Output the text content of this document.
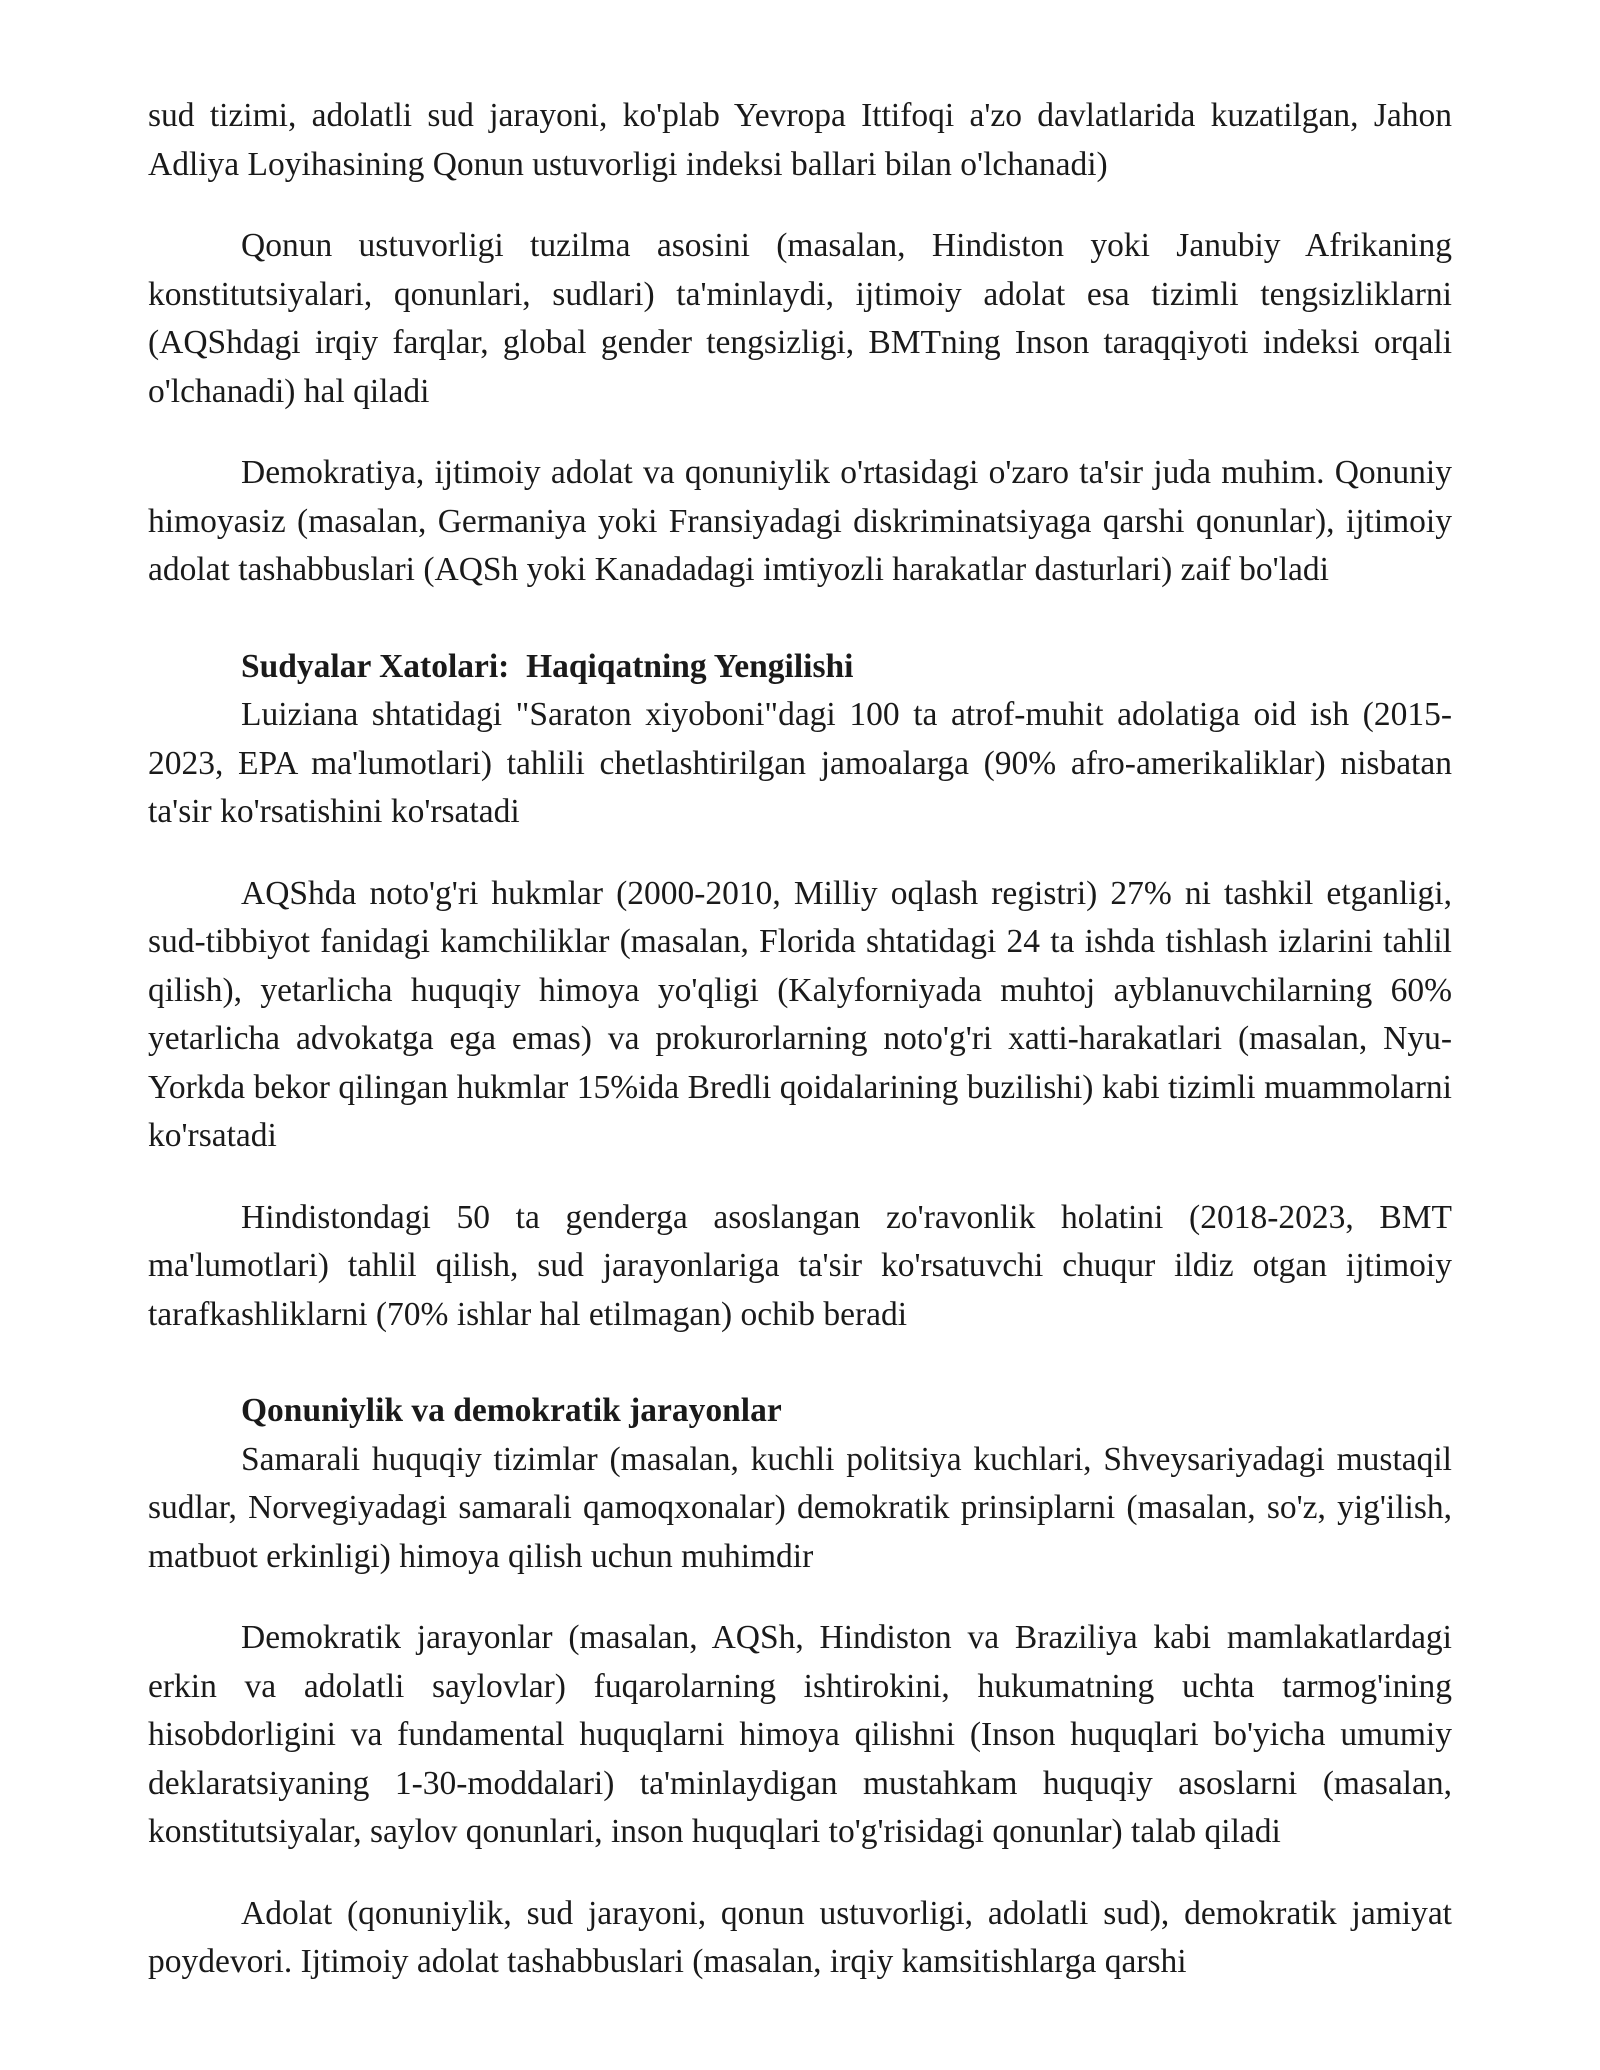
sud tizimi, adolatli sud jarayoni, ko'plab Yevropa Ittifoqi a'zo davlatlarida kuzatilgan, Jahon Adliya Loyihasining Qonun ustuvorligi indeksi ballari bilan o'lchanadi)

Qonun ustuvorligi tuzilma asosini (masalan, Hindiston yoki Janubiy Afrikaning konstitutsiyalari, qonunlari, sudlari) ta'minlaydi, ijtimoiy adolat esa tizimli tengsizliklarni (AQShdagi irqiy farqlar, global gender tengsizligi, BMTning Inson taraqqiyoti indeksi orqali o'lchanadi) hal qiladi

Demokratiya, ijtimoiy adolat va qonuniylik o'rtasidagi o'zaro ta'sir juda muhim. Qonuniy himoyasiz (masalan, Germaniya yoki Fransiyadagi diskriminatsiyaga qarshi qonunlar), ijtimoiy adolat tashabbuslari (AQSh yoki Kanadadagi imtiyozli harakatlar dasturlari) zaif bo'ladi

Sudyalar Xatolari:  Haqiqatning Yengilishi

Luiziana shtatidagi "Saraton xiyoboni"dagi 100 ta atrof-muhit adolatiga oid ish (2015-2023, EPA ma'lumotlari) tahlili chetlashtirilgan jamoalarga (90% afro-amerikaliklar) nisbatan ta'sir ko'rsatishini ko'rsatadi

AQShda noto'g'ri hukmlar (2000-2010, Milliy oqlash registri) 27% ni tashkil etganligi, sud-tibbiyot fanidagi kamchiliklar (masalan, Florida shtatidagi 24 ta ishda tishlash izlarini tahlil qilish), yetarlicha huquqiy himoya yo'qligi (Kalyforniyada muhtoj ayblanuvchilarning 60% yetarlicha advokatga ega emas) va prokurorlarning noto'g'ri xatti-harakatlari (masalan, Nyu-Yorkda bekor qilingan hukmlar 15%ida Bredli qoidalarining buzilishi) kabi tizimli muammolarni ko'rsatadi

Hindistondagi 50 ta genderga asoslangan zo'ravonlik holatini (2018-2023, BMT ma'lumotlari) tahlil qilish, sud jarayonlariga ta'sir ko'rsatuvchi chuqur ildiz otgan ijtimoiy tarafkashliklarni (70% ishlar hal etilmagan) ochib beradi

Qonuniylik va demokratik jarayonlar

Samarali huquqiy tizimlar (masalan, kuchli politsiya kuchlari, Shveysariyadagi mustaqil sudlar, Norvegiyadagi samarali qamoqxonalar) demokratik prinsiplarni (masalan, so'z, yig'ilish, matbuot erkinligi) himoya qilish uchun muhimdir

Demokratik jarayonlar (masalan, AQSh, Hindiston va Braziliya kabi mamlakatlardagi erkin va adolatli saylovlar) fuqarolarning ishtirokini, hukumatning uchta tarmog'ining hisobdorligini va fundamental huquqlarni himoya qilishni (Inson huquqlari bo'yicha umumiy deklaratsiyaning 1-30-moddalari) ta'minlaydigan mustahkam huquqiy asoslarni (masalan, konstitutsiyalar, saylov qonunlari, inson huquqlari to'g'risidagi qonunlar) talab qiladi

Adolat (qonuniylik, sud jarayoni, qonun ustuvorligi, adolatli sud), demokratik jamiyat poydevori. Ijtimoiy adolat tashabbuslari (masalan, irqiy kamsitishlarga qarshi
